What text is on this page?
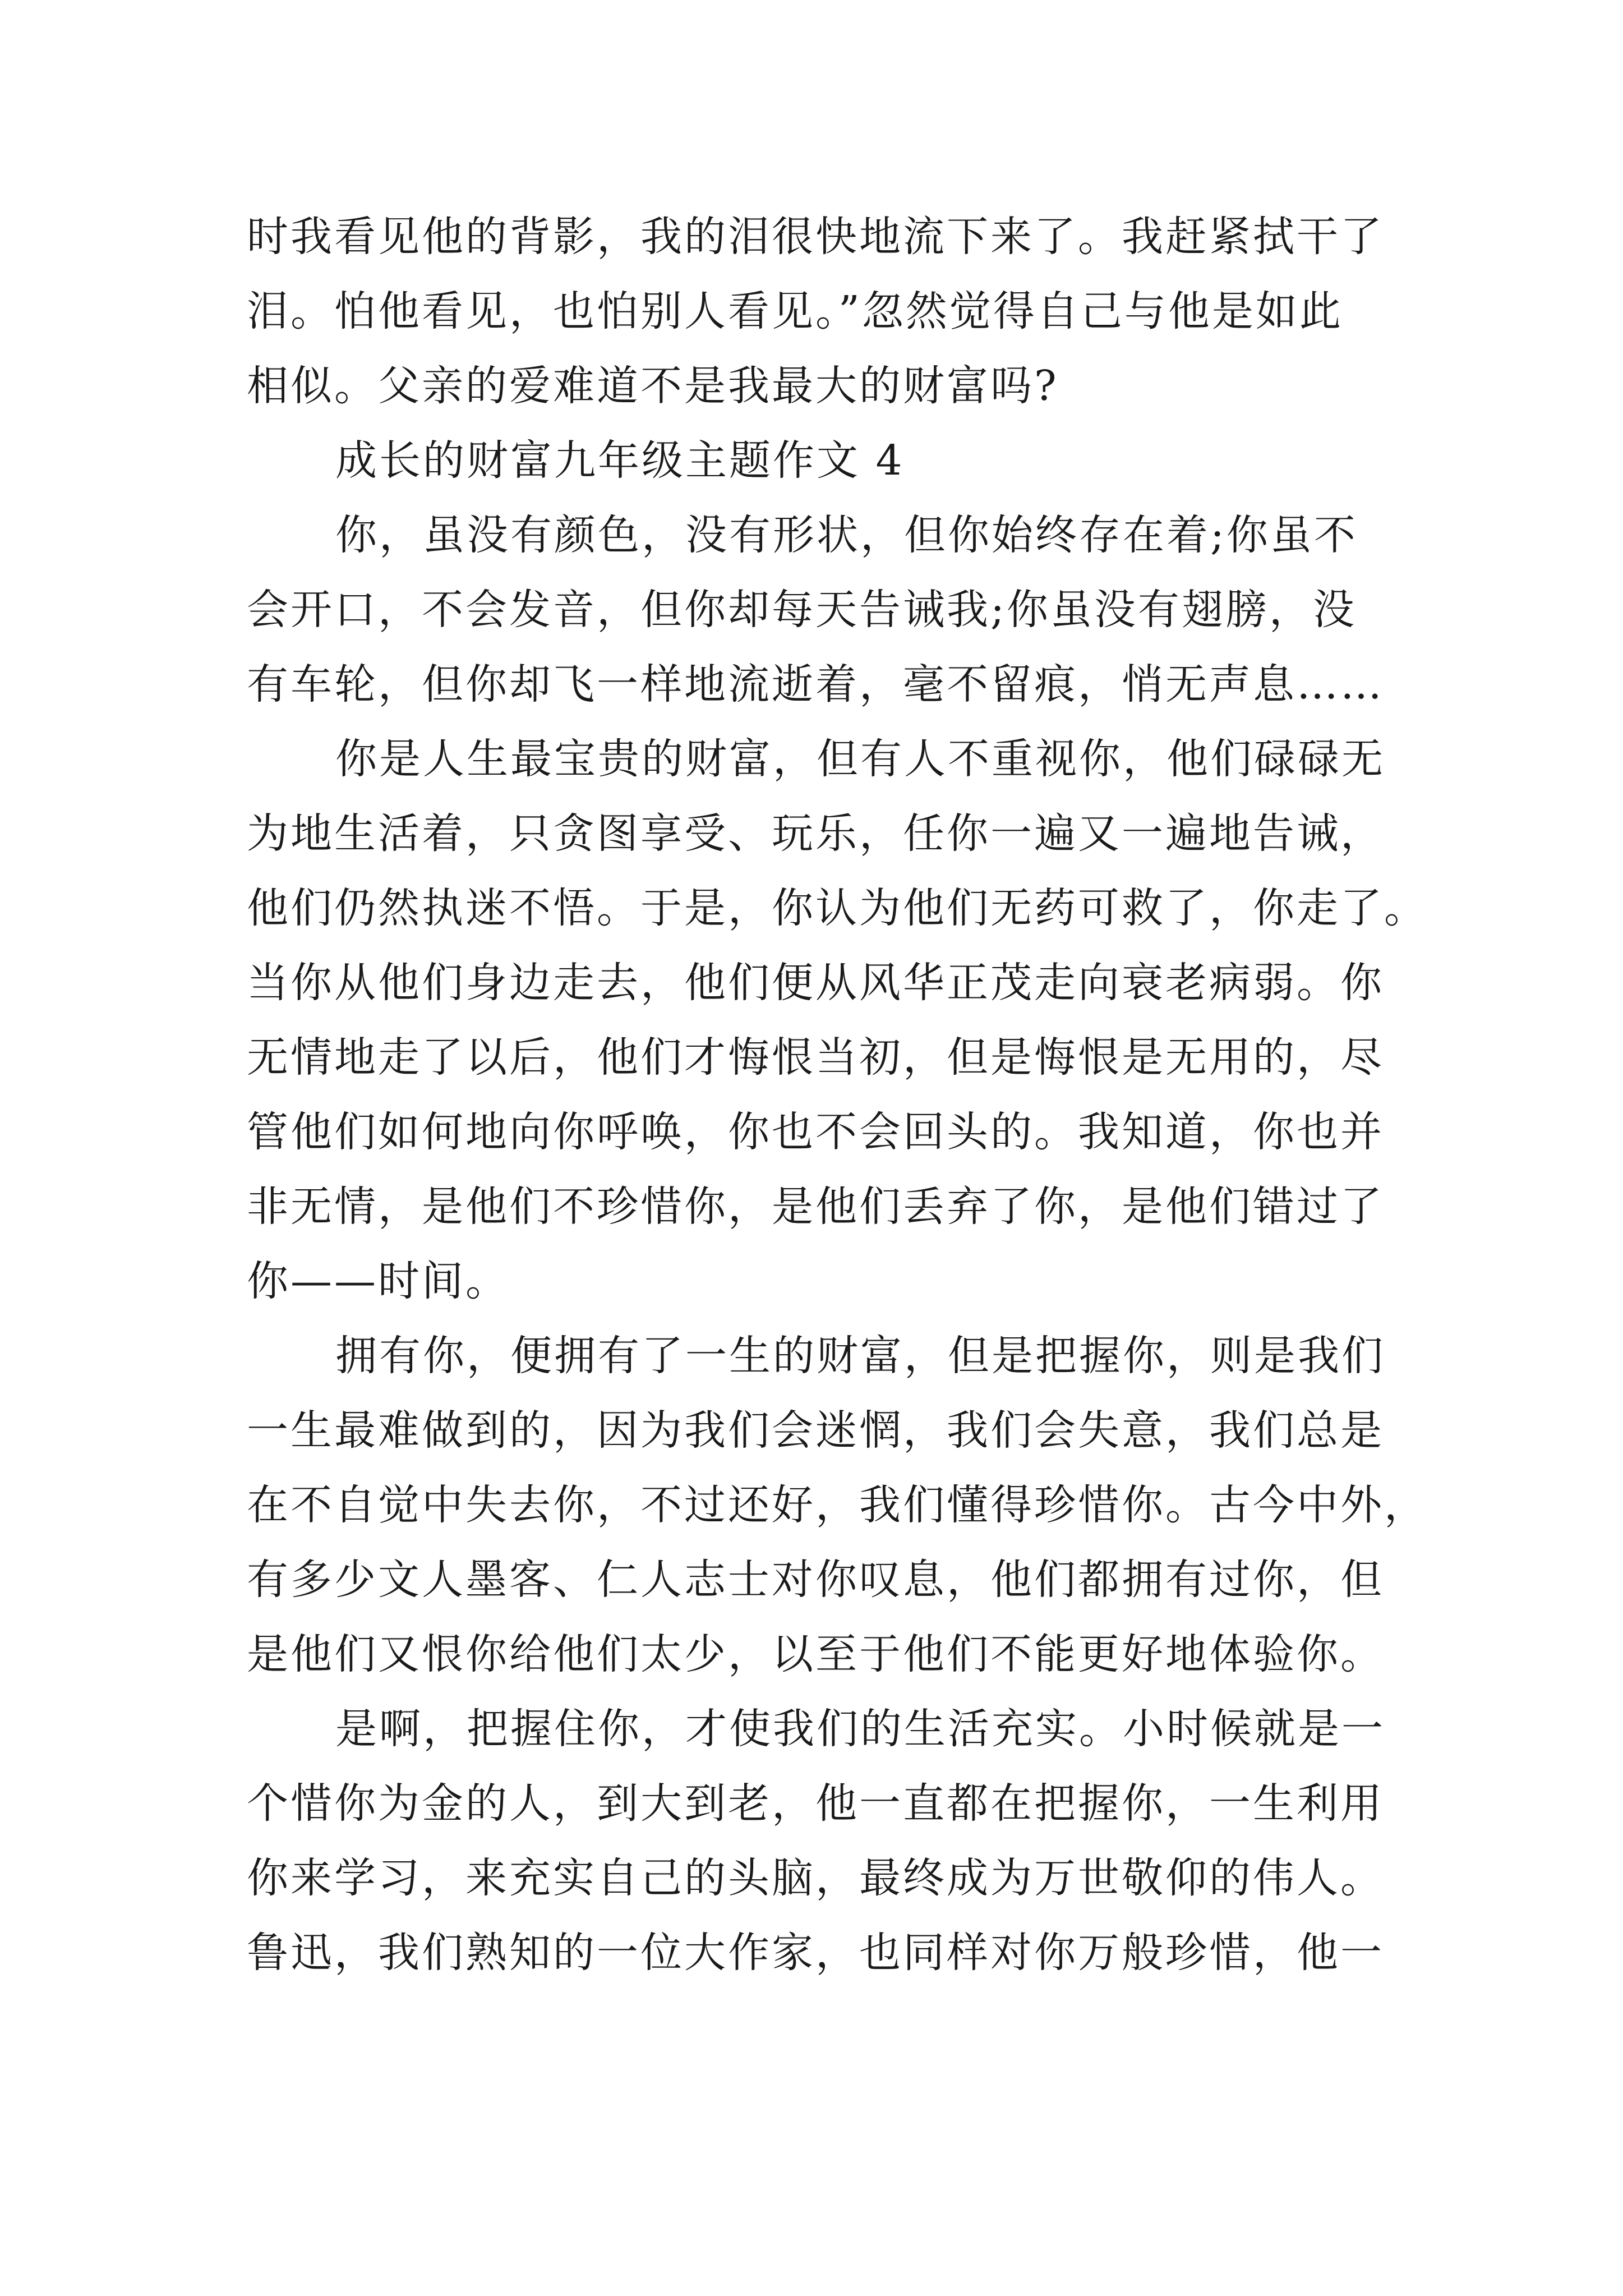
时我看见他的背影，我的泪很快地流下来了。我赶紧拭干了
泪。怕他看见，也怕别人看见。”忽然觉得自己与他是如此
相似。父亲的爱难道不是我最大的财富吗?
成长的财富九年级主题作文 4
你，虽没有颜色，没有形状，但你始终存在着;你虽不
会开口，不会发音，但你却每天告诫我;你虽没有翅膀，没
有车轮，但你却飞一样地流逝着，毫不留痕，悄无声息……
你是人生最宝贵的财富，但有人不重视你，他们碌碌无
为地生活着，只贪图享受、玩乐，任你一遍又一遍地告诫，
他们仍然执迷不悟。于是，你认为他们无药可救了，你走了。
当你从他们身边走去，他们便从风华正茂走向衰老病弱。你
无情地走了以后，他们才悔恨当初，但是悔恨是无用的，尽
管他们如何地向你呼唤，你也不会回头的。我知道，你也并
非无情，是他们不珍惜你，是他们丢弃了你，是他们错过了
你——时间。
拥有你，便拥有了一生的财富，但是把握你，则是我们
一生最难做到的，因为我们会迷惘，我们会失意，我们总是
在不自觉中失去你，不过还好，我们懂得珍惜你。古今中外，
有多少文人墨客、仁人志士对你叹息，他们都拥有过你，但
是他们又恨你给他们太少，以至于他们不能更好地体验你。
是啊，把握住你，才使我们的生活充实。小时候就是一
个惜你为金的人，到大到老，他一直都在把握你，一生利用
你来学习，来充实自己的头脑，最终成为万世敬仰的伟人。
鲁迅，我们熟知的一位大作家，也同样对你万般珍惜，他一
